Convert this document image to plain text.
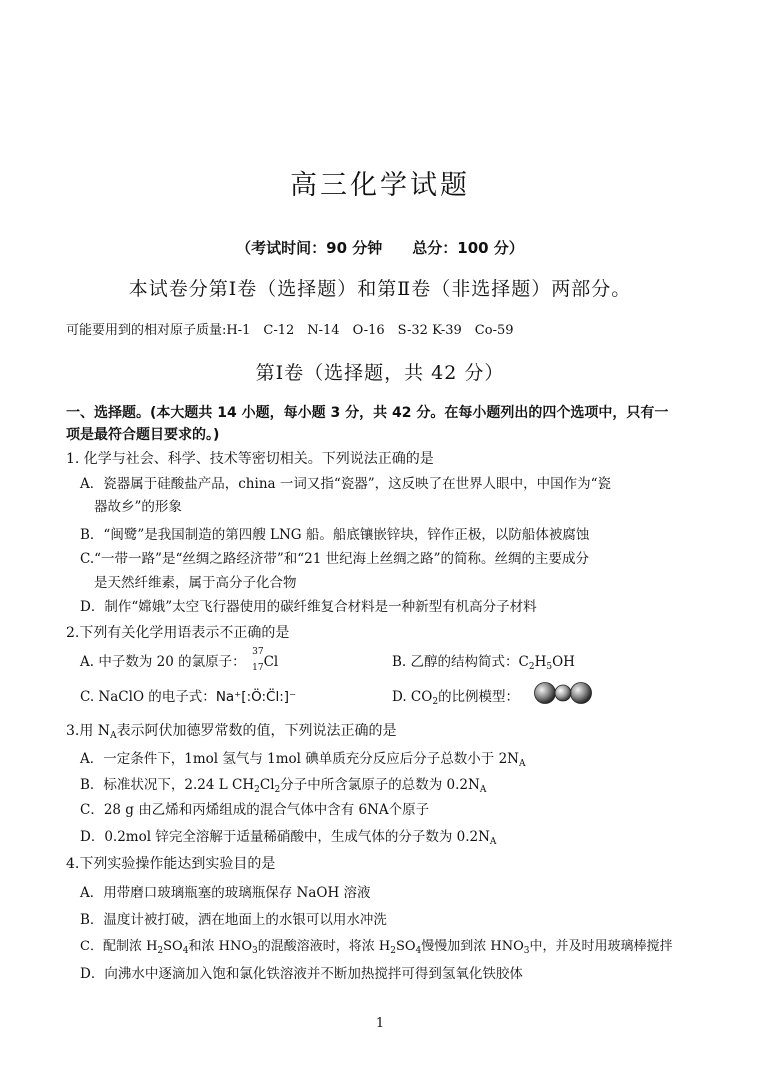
高三化学试题
（考试时间：90 分钟　　总分：100 分）
本试卷分第Ⅰ卷（选择题）和第Ⅱ卷（非选择题）两部分。
可能要用到的相对原子质量:H-1　C-12　N-14　O-16　S-32 K-39　Co-59
第Ⅰ卷（选择题，共 42 分）
一、选择题。(本大题共 14 小题，每小题 3 分，共 42 分。在每小题列出的四个选项中，只有一
项是最符合题目要求的。)
1. 化学与社会、科学、技术等密切相关。下列说法正确的是
A．瓷器属于硅酸盐产品，china 一词又指“瓷器”，这反映了在世界人眼中，中国作为“瓷
器故乡”的形象
B．“闽鹭”是我国制造的第四艘 LNG 船。船底镶嵌锌块，锌作正极，以防船体被腐蚀
C.“一带一路”是“丝绸之路经济带”和“21 世纪海上丝绸之路”的简称。丝绸的主要成分
是天然纤维素，属于高分子化合物
D．制作“嫦娥”太空飞行器使用的碳纤维复合材料是一种新型有机高分子材料
2.下列有关化学用语表示不正确的是
A. 中子数为 20 的氯原子：
37
17 Cl	B. 乙醇的结构简式：$C_2H_5OH$
C. NaClO 的电子式：Na⁺[:Ö:C̈l:]⁻	D. $CO_2$的比例模型：
3.用 $N_A$表示阿伏加德罗常数的值，下列说法正确的是
A．一定条件下，1mol 氢气与 1mol 碘单质充分反应后分子总数小于 $2N_A$
B．标准状况下，2.24 L $CH_2Cl_2$分子中所含氯原子的总数为 $0.2N_A$
C．28 g 由乙烯和丙烯组成的混合气体中含有 6NA个原子
D．0.2mol 锌完全溶解于适量稀硝酸中，生成气体的分子数为 $0.2N_A$
4.下列实验操作能达到实验目的是
A．用带磨口玻璃瓶塞的玻璃瓶保存 NaOH 溶液
B．温度计被打破，洒在地面上的水银可以用水冲洗
C．配制浓 $H_2SO_4$和浓 $HNO_3$的混酸溶液时，将浓 $H_2SO_4$慢慢加到浓 $HNO_3$中，并及时用玻璃棒搅拌
D．向沸水中逐滴加入饱和氯化铁溶液并不断加热搅拌可得到氢氧化铁胶体
1
